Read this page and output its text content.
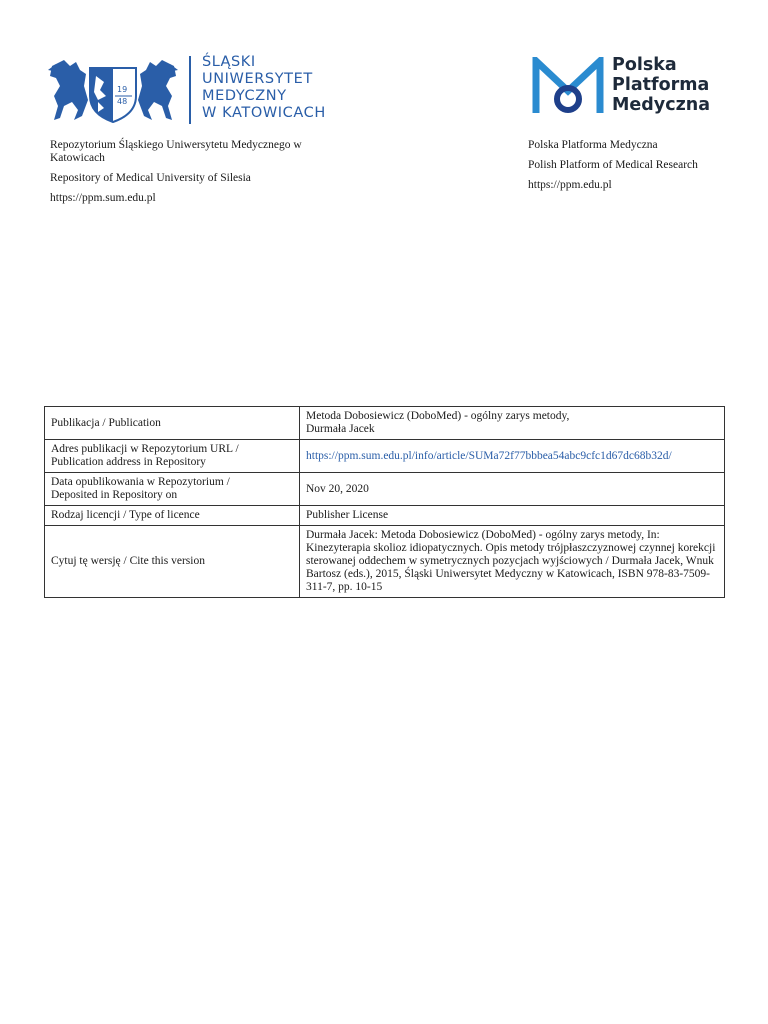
19
48
ŚLĄSKI
UNIWERSYTET
MEDYCZNY
W KATOWICACH
Polska
Platforma
Medyczna

Repozytorium Śląskiego Uniwersytetu Medycznego w Katowicach

Repository of Medical University of Silesia

https://ppm.sum.edu.pl

Polska Platforma Medyczna

Polish Platform of Medical Research

https://ppm.edu.pl

Publikacja / Publication	Metoda Dobosiewicz (DoboMed) - ogólny zarys metody,
Durmała Jacek

Adres publikacji w Repozytorium URL /
Publication address in Repository	https://ppm.sum.edu.pl/info/article/SUMa72f77bbbea54abc9cfc1d67dc68b32d/

Data opublikowania w Repozytorium /
Deposited in Repository on	Nov 20, 2020
Rodzaj licencji / Type of licence	Publisher License
Cytuj tę wersję / Cite this version	Durmała Jacek: Metoda Dobosiewicz (DoboMed) - ogólny zarys metody, In: Kinezyterapia skolioz idiopatycznych. Opis metody trójpłaszczyznowej czynnej korekcji sterowanej oddechem w symetrycznych pozycjach wyjściowych / Durmała Jacek, Wnuk Bartosz (eds.), 2015, Śląski Uniwersytet Medyczny w Katowicach, ISBN 978-83-7509-311-7, pp. 10-15
